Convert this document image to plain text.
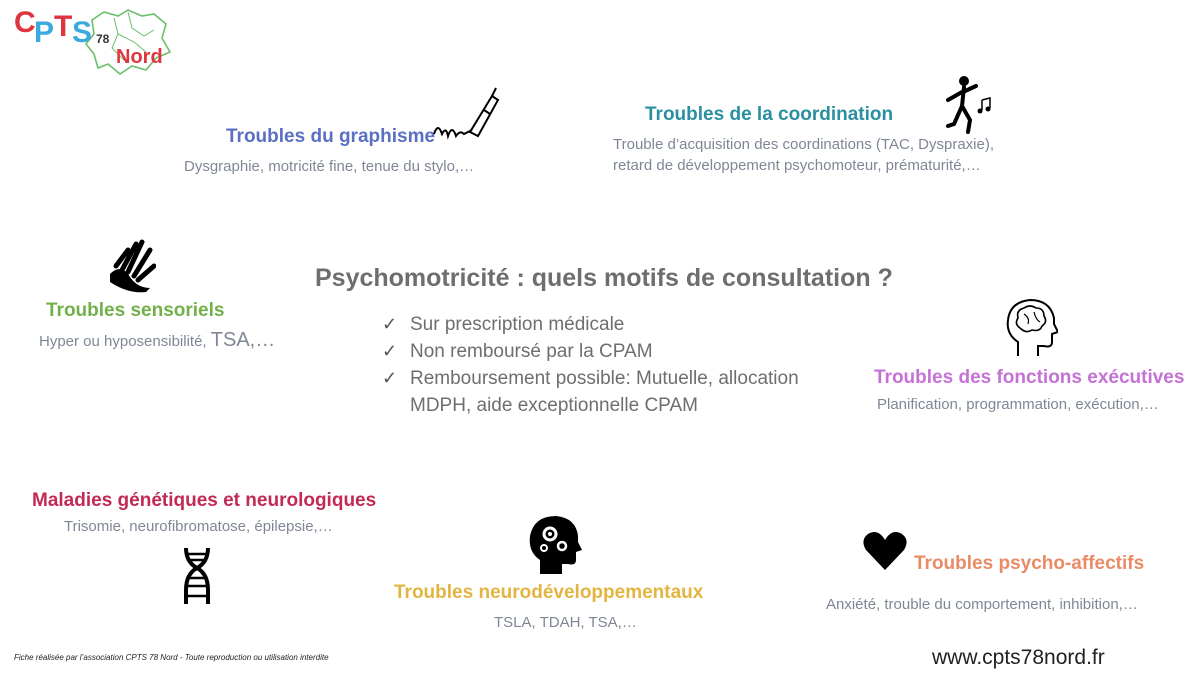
C
P T S 78
Nord
Troubles du graphisme
Dysgraphie, motricité fine, tenue du stylo,…
Troubles de la coordination
Trouble d’acquisition des coordinations (TAC, Dyspraxie),
retard de développement psychomoteur, prématurité,…
Troubles sensoriels
Hyper ou hyposensibilité, TSA,…
Psychomotricité : quels motifs de consultation ?
✓ Sur prescription médicale
✓ Non remboursé par la CPAM
✓ Remboursement possible: Mutuelle, allocation
MDPH, aide exceptionnelle CPAM
Troubles des fonctions exécutives
Planification, programmation, exécution,…
Maladies génétiques et neurologiques
Trisomie, neurofibromatose, épilepsie,…
Troubles neurodéveloppementaux
TSLA, TDAH, TSA,…
Troubles psycho-affectifs
Anxiété, trouble du comportement, inhibition,…
Fiche réalisée par l’association CPTS 78 Nord - Toute reproduction ou utilisation interdite	www.cpts78nord.fr
